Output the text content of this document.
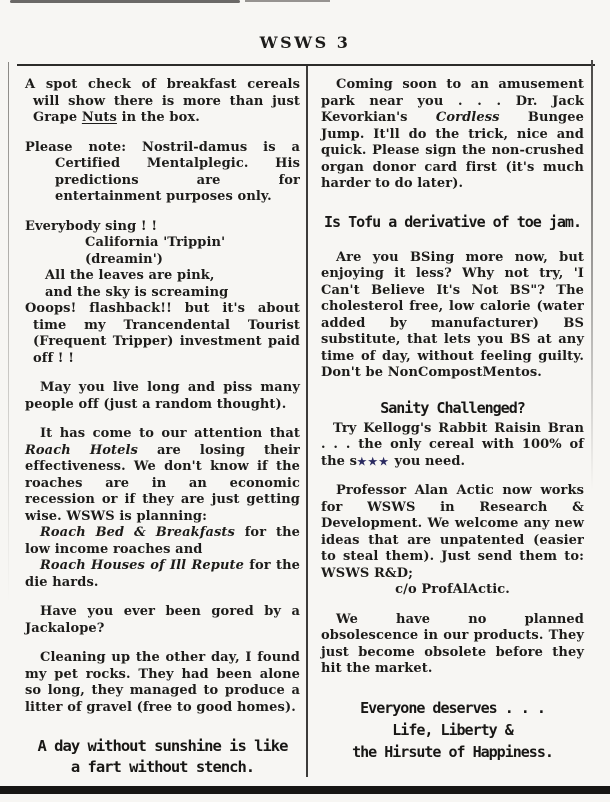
WSWS 3

A spot check of breakfast cereals will show there is more than just Grape Nuts in the box.

Please note: Nostril-damus is a Certified Mentalplegic. His predictions are for entertainment purposes only.

Everybody sing ! !

California 'Trippin' (dreamin')

All the leaves are pink,

and the sky is screaming

Ooops! flashback!! but it's about time my Trancendental Tourist (Frequent Tripper) investment paid off ! !

May you live long and piss many people off (just a random thought).

It has come to our attention that Roach Hotels are losing their effectiveness. We don't know if the roaches are in an economic recession or if they are just getting wise. WSWS is planning:

Roach Bed & Breakfasts for the low income roaches and

Roach Houses of Ill Repute for the die hards.

Have you ever been gored by a Jackalope?

Cleaning up the other day, I found my pet rocks. They had been alone so long, they managed to produce a litter of gravel (free to good homes).

A day without sunshine is like
a fart without stench.

Coming soon to an amusement park near you . . . Dr. Jack Kevorkian's Cordless Bungee Jump. It'll do the trick, nice and quick. Please sign the non-crushed organ donor card first (it's much harder to do later).

Is Tofu a derivative of toe jam.

Are you BSing more now, but enjoying it less? Why not try, 'I Can't Believe It's Not BS"? The cholesterol free, low calorie (water added by manufacturer) BS substitute, that lets you BS at any time of day, without feeling guilty. Don't be NonCompostMentos.

Sanity Challenged?

Try Kellogg's Rabbit Raisin Bran . . . the only cereal with 100% of the s★★★ you need.

Professor Alan Actic now works for WSWS in Research & Development. We welcome any new ideas that are unpatented (easier to steal them). Just send them to: WSWS R&D;

c/o ProfAlActic.

We have no planned obsolescence in our products. They just become obsolete before they hit the market.

Everyone deserves . . .
Life, Liberty &
the Hirsute of Happiness.
